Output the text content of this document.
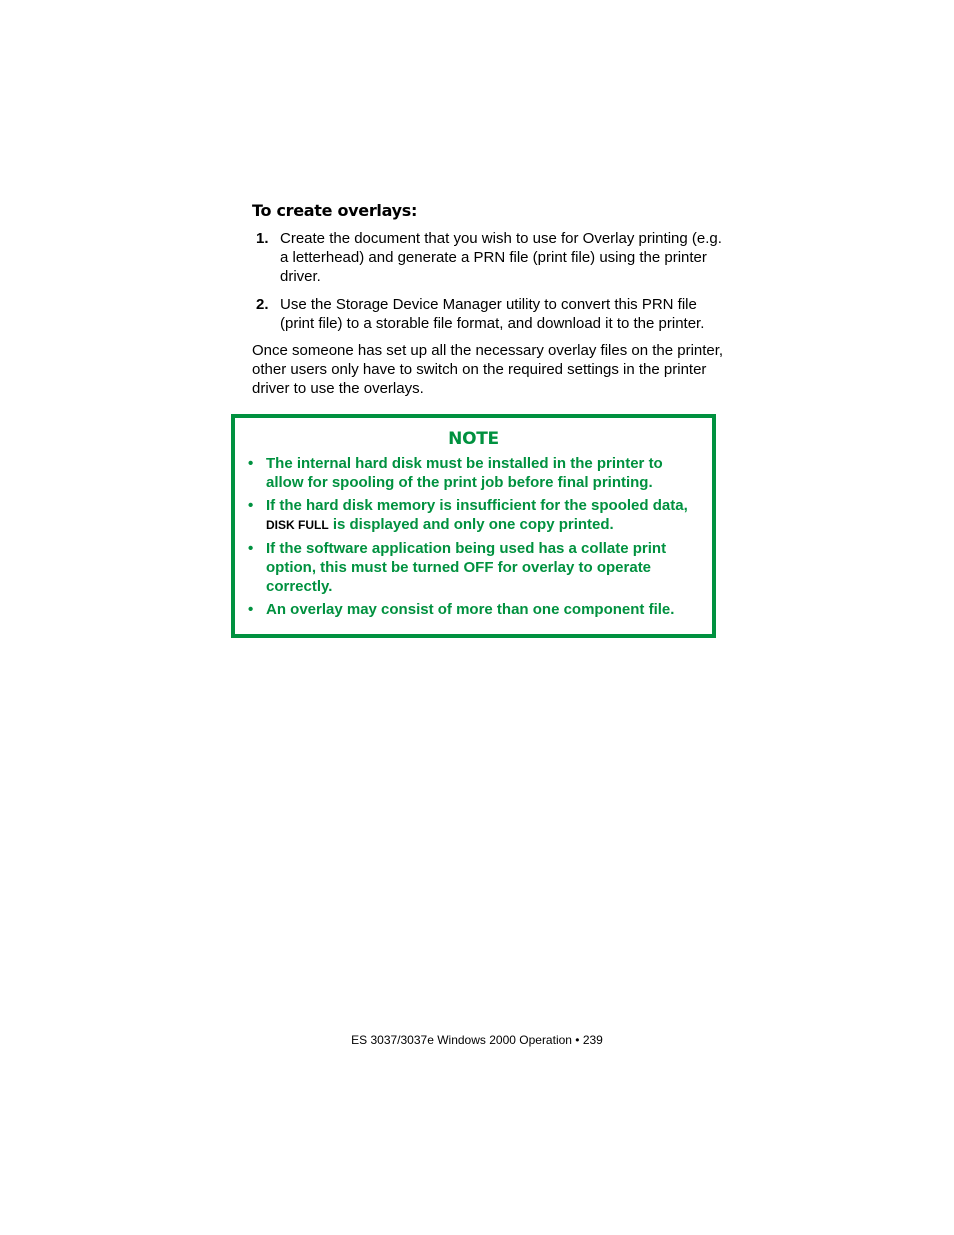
To create overlays:
1. Create the document that you wish to use for Overlay printing (e.g. a letterhead) and generate a PRN file (print file) using the printer driver.
2. Use the Storage Device Manager utility to convert this PRN file (print file) to a storable file format, and download it to the printer.

Once someone has set up all the necessary overlay files on the printer, other users only have to switch on the required settings in the printer driver to use the overlays.

NOTE
• The internal hard disk must be installed in the printer to allow for spooling of the print job before final printing.
• If the hard disk memory is insufficient for the spooled data, DISK FULL is displayed and only one copy printed.
• If the software application being used has a collate print option, this must be turned OFF for overlay to operate correctly.
• An overlay may consist of more than one component file.
ES 3037/3037e Windows 2000 Operation • 239
